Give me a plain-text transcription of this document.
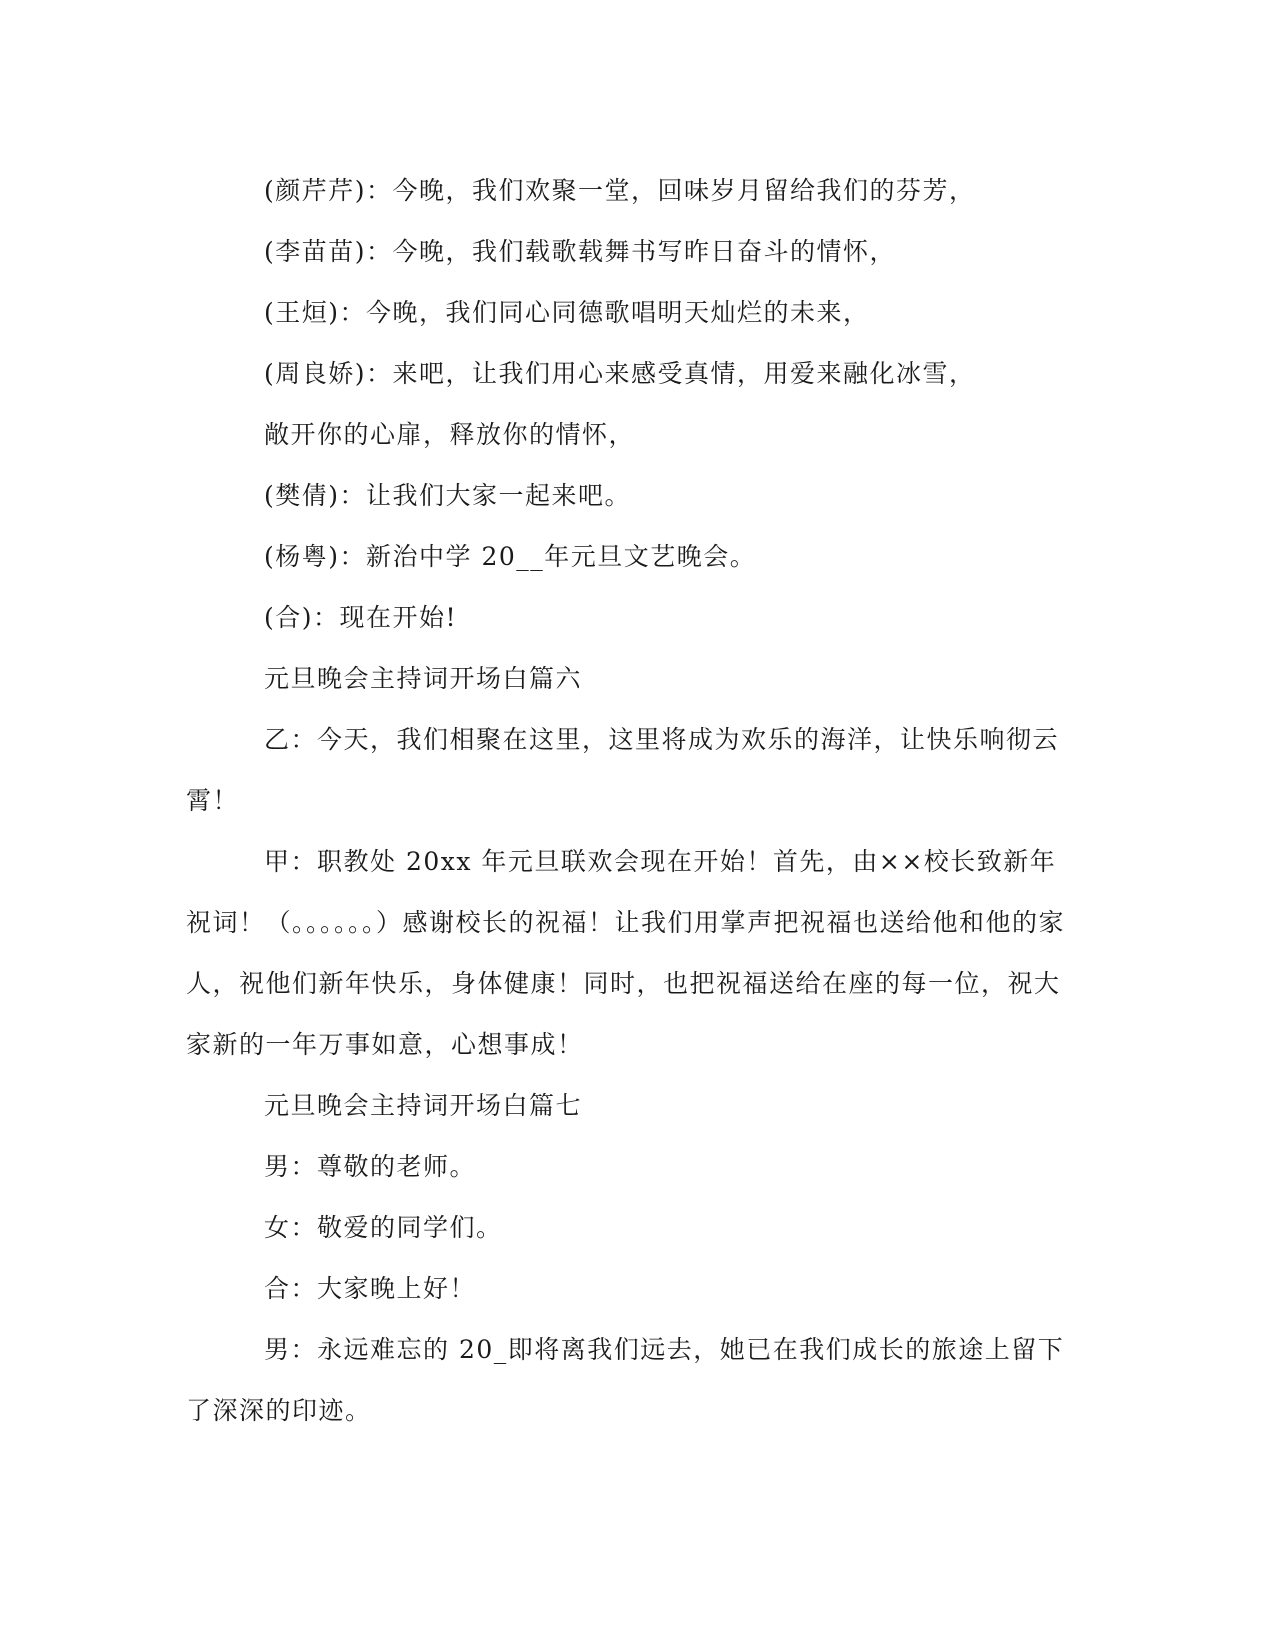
(颜芹芹)：今晚，我们欢聚一堂，回味岁月留给我们的芬芳，

(李苗苗)：今晚，我们载歌载舞书写昨日奋斗的情怀，

(王烜)：今晚，我们同心同德歌唱明天灿烂的未来，

(周良娇)：来吧，让我们用心来感受真情，用爱来融化冰雪，

敞开你的心扉，释放你的情怀，

(樊倩)：让我们大家一起来吧。

(杨粤)：新治中学 20__年元旦文艺晚会。

(合)：现在开始!

元旦晚会主持词开场白篇六

乙：今天，我们相聚在这里，这里将成为欢乐的海洋，让快乐响彻云霄！

甲：职教处 20xx 年元旦联欢会现在开始！首先，由××校长致新年祝词！（。。。。。。）感谢校长的祝福！让我们用掌声把祝福也送给他和他的家人，祝他们新年快乐，身体健康！同时，也把祝福送给在座的每一位，祝大家新的一年万事如意，心想事成！

元旦晚会主持词开场白篇七

男：尊敬的老师。

女：敬爱的同学们。

合：大家晚上好！

男：永远难忘的 20_即将离我们远去，她已在我们成长的旅途上留下了深深的印迹。
